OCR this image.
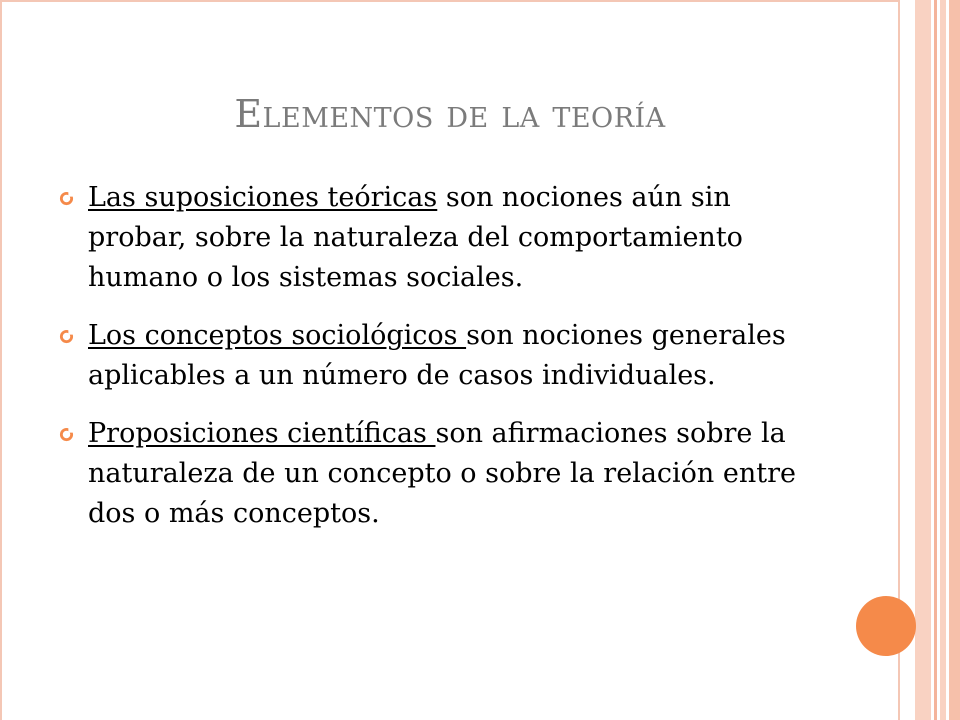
Elementos de la teoría
Las suposiciones teóricas son nociones aún sin probar, sobre la naturaleza del comportamiento humano o los sistemas sociales.
Los conceptos sociológicos son nociones generales aplicables a un número de casos individuales.
Proposiciones científicas son afirmaciones sobre la naturaleza de un concepto o sobre la relación entre dos o más conceptos.
